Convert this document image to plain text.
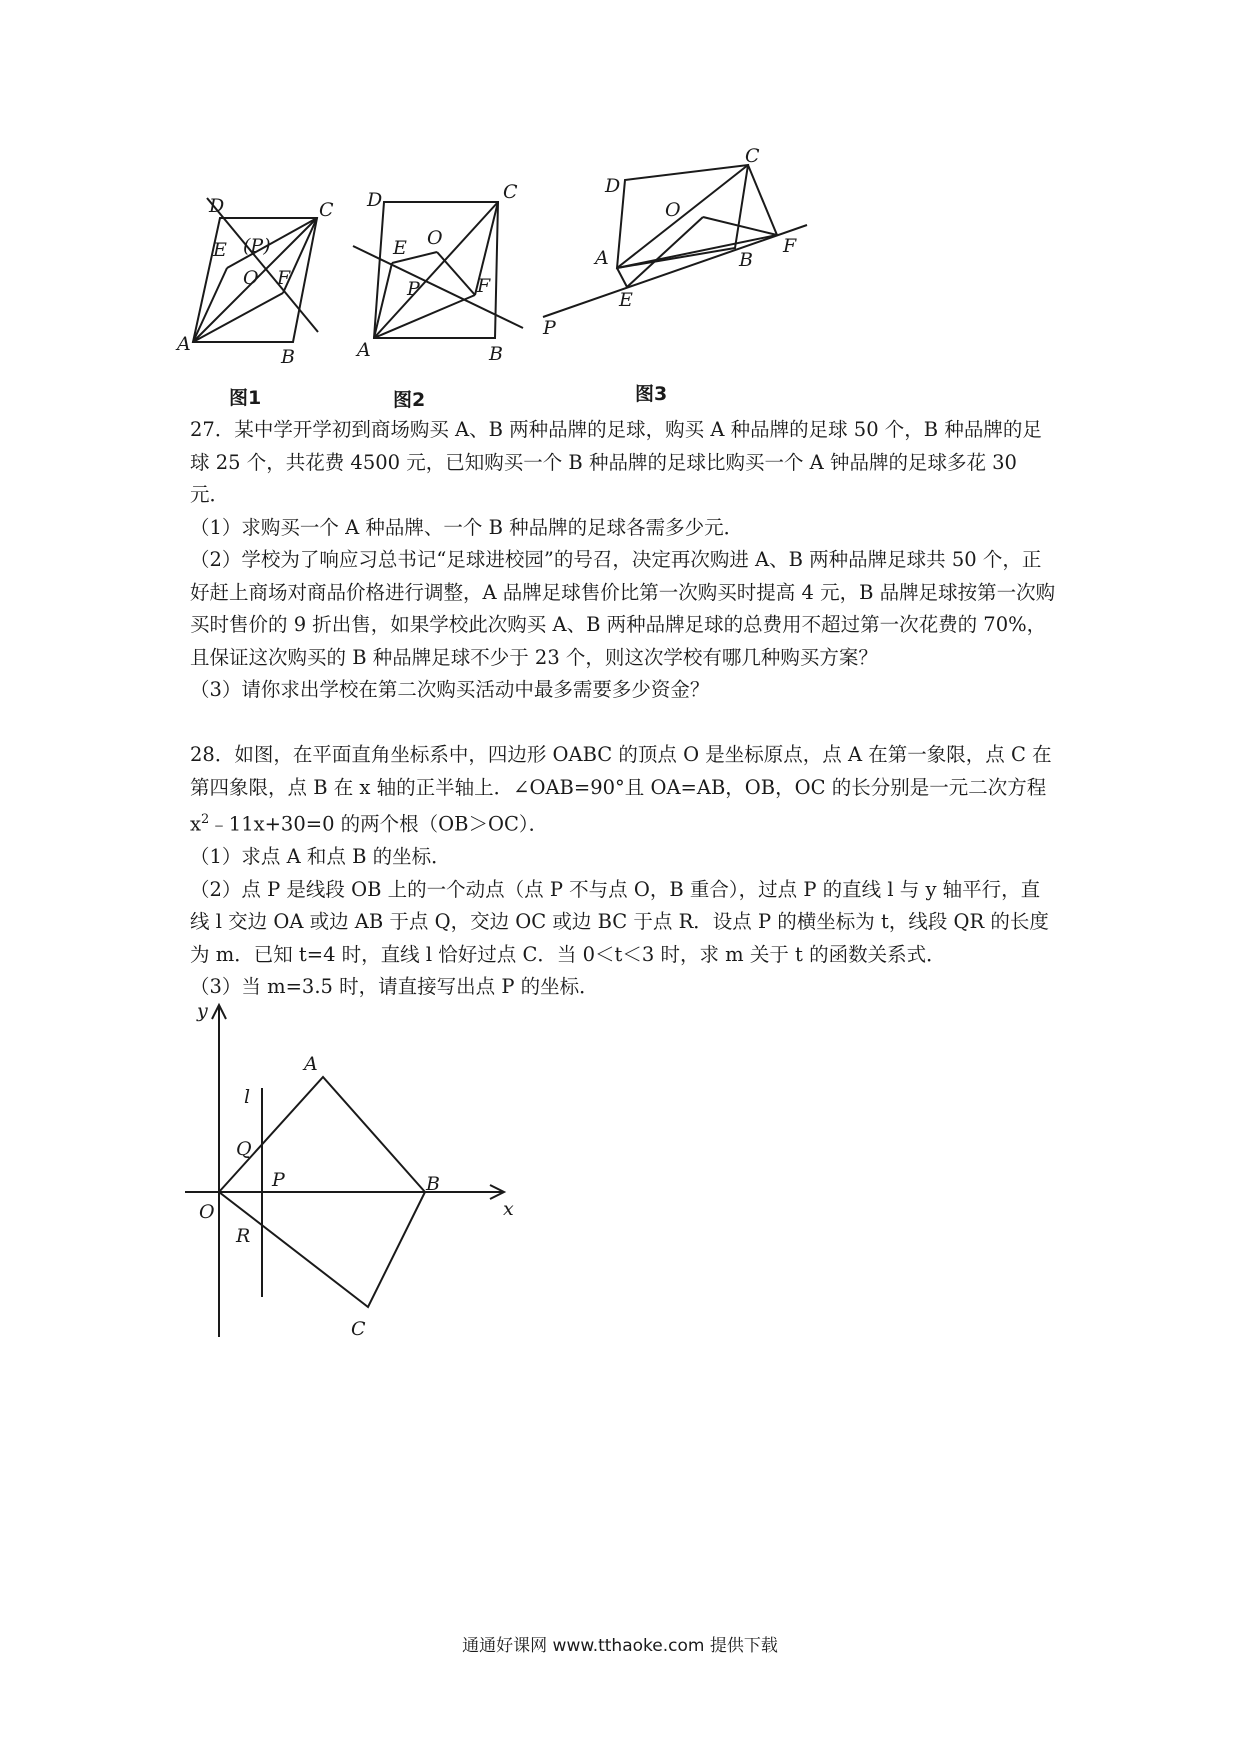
A
B
C
D
E (P)
O F
图1
A	B
C
D
E O
P	F
图2
A	B
C
D
E
O
P
F
图3

27．某中学开学初到商场购买 A、B 两种品牌的足球，购买 A 种品牌的足球 50 个，B 种品牌的足球 25 个，共花费 4500 元，已知购买一个 B 种品牌的足球比购买一个 A 钟品牌的足球多花 30 元．

（1）求购买一个 A 种品牌、一个 B 种品牌的足球各需多少元．

（2）学校为了响应习总书记“足球进校园”的号召，决定再次购进 A、B 两种品牌足球共 50 个，正好赶上商场对商品价格进行调整，A 品牌足球售价比第一次购买时提高 4 元，B 品牌足球按第一次购买时售价的 9 折出售，如果学校此次购买 A、B 两种品牌足球的总费用不超过第一次花费的 70%，且保证这次购买的 B 种品牌足球不少于 23 个，则这次学校有哪几种购买方案？

（3）请你求出学校在第二次购买活动中最多需要多少资金？

28．如图，在平面直角坐标系中，四边形 OABC 的顶点 O 是坐标原点，点 A 在第一象限，点 C 在第四象限，点 B 在 x 轴的正半轴上．∠OAB=90°且 OA=AB，OB，OC 的长分别是一元二次方程 $x^2﹣11x+30=0$ 的两个根（OB＞OC）．

（1）求点 A 和点 B 的坐标．

（2）点 P 是线段 OB 上的一个动点（点 P 不与点 O，B 重合），过点 P 的直线 l 与 y 轴平行，直线 l 交边 OA 或边 AB 于点 Q，交边 OC 或边 BC 于点 R．设点 P 的横坐标为 t，线段 QR 的长度为 m．已知 t=4 时，直线 l 恰好过点 C．当 0＜t＜3 时，求 m 关于 t 的函数关系式．

（3）当 m=3.5 时，请直接写出点 P 的坐标．

y
x
O
A
B
C
P
Q
R
l
通通好课网 www.tthaoke.com 提供下载
